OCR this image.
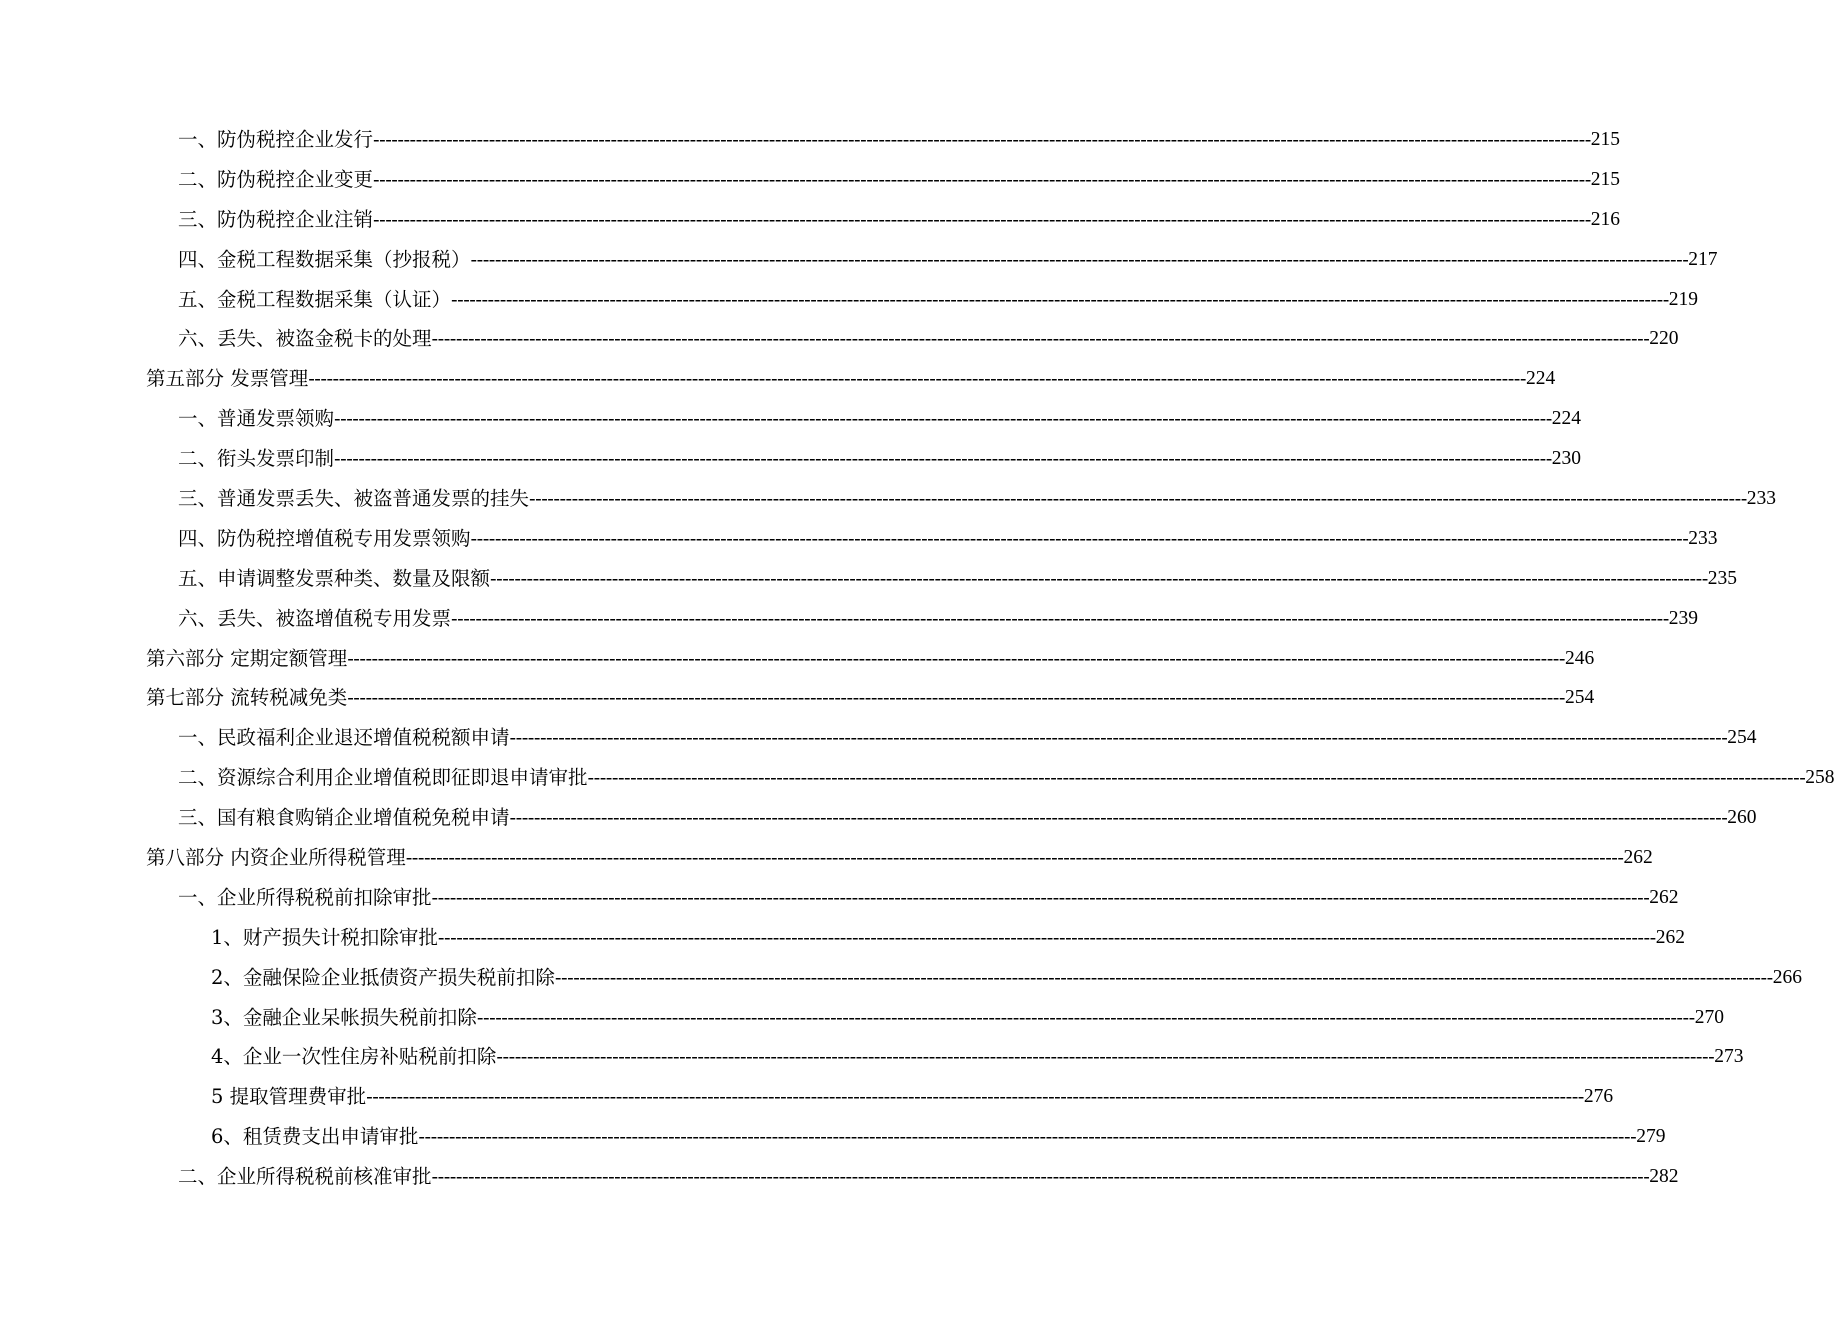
一、防伪税控企业发行 -------------------------------------------------------------------------------------------------------------------------------------------------------------------------------------------------------- 215
二、防伪税控企业变更 -------------------------------------------------------------------------------------------------------------------------------------------------------------------------------------------------------- 215
三、防伪税控企业注销 -------------------------------------------------------------------------------------------------------------------------------------------------------------------------------------------------------- 216
四、金税工程数据采集（抄报税） -------------------------------------------------------------------------------------------------------------------------------------------------------------------------------------------------------- 217
五、金税工程数据采集（认证） -------------------------------------------------------------------------------------------------------------------------------------------------------------------------------------------------------- 219
六、丢失、被盗金税卡的处理 -------------------------------------------------------------------------------------------------------------------------------------------------------------------------------------------------------- 220
第五部分 发票管理 -------------------------------------------------------------------------------------------------------------------------------------------------------------------------------------------------------- 224
一、普通发票领购 -------------------------------------------------------------------------------------------------------------------------------------------------------------------------------------------------------- 224
二、衔头发票印制 -------------------------------------------------------------------------------------------------------------------------------------------------------------------------------------------------------- 230
三、普通发票丢失、被盗普通发票的挂失 -------------------------------------------------------------------------------------------------------------------------------------------------------------------------------------------------------- 233
四、防伪税控增值税专用发票领购 -------------------------------------------------------------------------------------------------------------------------------------------------------------------------------------------------------- 233
五、申请调整发票种类、数量及限额 -------------------------------------------------------------------------------------------------------------------------------------------------------------------------------------------------------- 235
六、丢失、被盗增值税专用发票 -------------------------------------------------------------------------------------------------------------------------------------------------------------------------------------------------------- 239
第六部分 定期定额管理 -------------------------------------------------------------------------------------------------------------------------------------------------------------------------------------------------------- 246
第七部分 流转税减免类 -------------------------------------------------------------------------------------------------------------------------------------------------------------------------------------------------------- 254
一、民政福利企业退还增值税税额申请 -------------------------------------------------------------------------------------------------------------------------------------------------------------------------------------------------------- 254
二、资源综合利用企业增值税即征即退申请审批 -------------------------------------------------------------------------------------------------------------------------------------------------------------------------------------------------------- 258
三、国有粮食购销企业增值税免税申请 -------------------------------------------------------------------------------------------------------------------------------------------------------------------------------------------------------- 260
第八部分 内资企业所得税管理 -------------------------------------------------------------------------------------------------------------------------------------------------------------------------------------------------------- 262
一、企业所得税税前扣除审批 -------------------------------------------------------------------------------------------------------------------------------------------------------------------------------------------------------- 262
1、财产损失计税扣除审批 -------------------------------------------------------------------------------------------------------------------------------------------------------------------------------------------------------- 262
2、金融保险企业抵债资产损失税前扣除 -------------------------------------------------------------------------------------------------------------------------------------------------------------------------------------------------------- 266
3、金融企业呆帐损失税前扣除 -------------------------------------------------------------------------------------------------------------------------------------------------------------------------------------------------------- 270
4、企业一次性住房补贴税前扣除 -------------------------------------------------------------------------------------------------------------------------------------------------------------------------------------------------------- 273
5 提取管理费审批 -------------------------------------------------------------------------------------------------------------------------------------------------------------------------------------------------------- 276
6、租赁费支出申请审批 -------------------------------------------------------------------------------------------------------------------------------------------------------------------------------------------------------- 279
二、企业所得税税前核准审批 -------------------------------------------------------------------------------------------------------------------------------------------------------------------------------------------------------- 282
